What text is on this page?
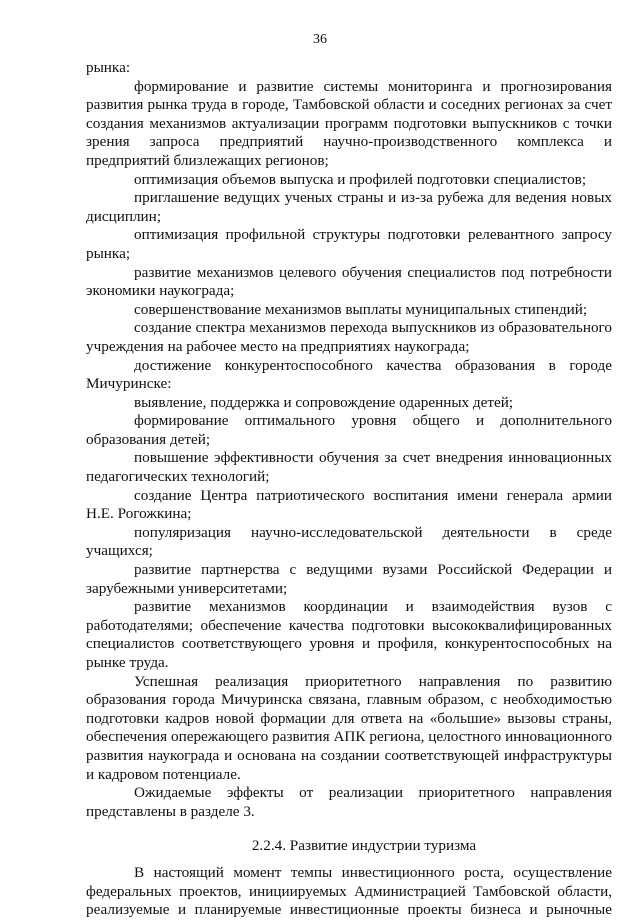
36

рынка:

формирование и развитие системы мониторинга и прогнозирования развития рынка труда в городе, Тамбовской области и соседних регионах за счет создания механизмов актуализации программ подготовки выпускников с точки зрения запроса предприятий научно-производственного комплекса и предприятий близлежащих регионов;

оптимизация объемов выпуска и профилей подготовки специалистов;

приглашение ведущих ученых страны и из-за рубежа для ведения новых дисциплин;

оптимизация профильной структуры подготовки релевантного запросу рынка;

развитие механизмов целевого обучения специалистов под потребности экономики наукограда;

совершенствование механизмов выплаты муниципальных стипендий;

создание спектра механизмов перехода выпускников из образовательного учреждения на рабочее место на предприятиях наукограда;

достижение конкурентоспособного качества образования в городе Мичуринске:

выявление, поддержка и сопровождение одаренных детей;

формирование оптимального уровня общего и дополнительного образования детей;

повышение эффективности обучения за счет внедрения инновационных педагогических технологий;

создание Центра патриотического воспитания имени генерала армии Н.Е. Рогожкина;

популяризация научно-исследовательской деятельности в среде учащихся;

развитие партнерства с ведущими вузами Российской Федерации и зарубежными университетами;

развитие механизмов координации и взаимодействия вузов с работодателями; обеспечение качества подготовки высококвалифицированных специалистов соответствующего уровня и профиля, конкурентоспособных на рынке труда.

Успешная реализация приоритетного направления по развитию образования города Мичуринска связана, главным образом, с необходимостью подготовки кадров новой формации для ответа на «большие» вызовы страны, обеспечения опережающего развития АПК региона, целостного инновационного развития наукограда и основана на создании соответствующей инфраструктуры и кадровом потенциале.

Ожидаемые эффекты от реализации приоритетного направления представлены в разделе 3.

2.2.4. Развитие индустрии туризма

В настоящий момент темпы инвестиционного роста, осуществление федеральных проектов, инициируемых Администрацией Тамбовской области, реализуемые и планируемые инвестиционные проекты бизнеса и рыночные
